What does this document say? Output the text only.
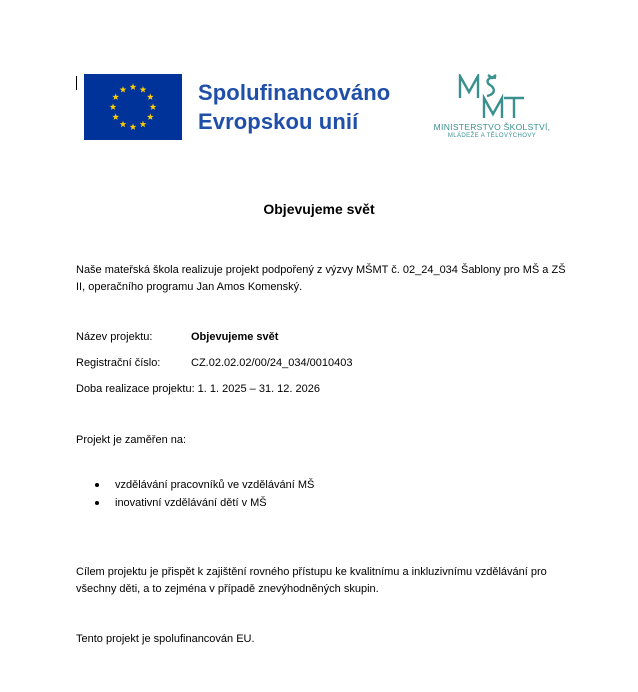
Spolufinancováno
Evropskou unií	MINISTERSTVO ŠKOLSTVÍ,
MLÁDEŽE A TĚLOVÝCHOVY
Objevujeme svět
Naše mateřská škola realizuje projekt podpořený z výzvy MŠMT č. 02_24_034 Šablony pro MŠ a ZŠ II, operačního programu Jan Amos Komenský.
Název projektu:	Objevujeme svět
Registrační číslo:	CZ.02.02.02/00/24_034/0010403
Doba realizace projektu: 1. 1. 2025 – 31. 12. 2026
Projekt je zaměřen na:
vzdělávání pracovníků ve vzdělávání MŠ
inovativní vzdělávání dětí v MŠ
Cílem projektu je přispět k zajištění rovného přístupu ke kvalitnímu a inkluzivnímu vzdělávání pro všechny děti, a to zejména v případě znevýhodněných skupin.
Tento projekt je spolufinancován EU.
